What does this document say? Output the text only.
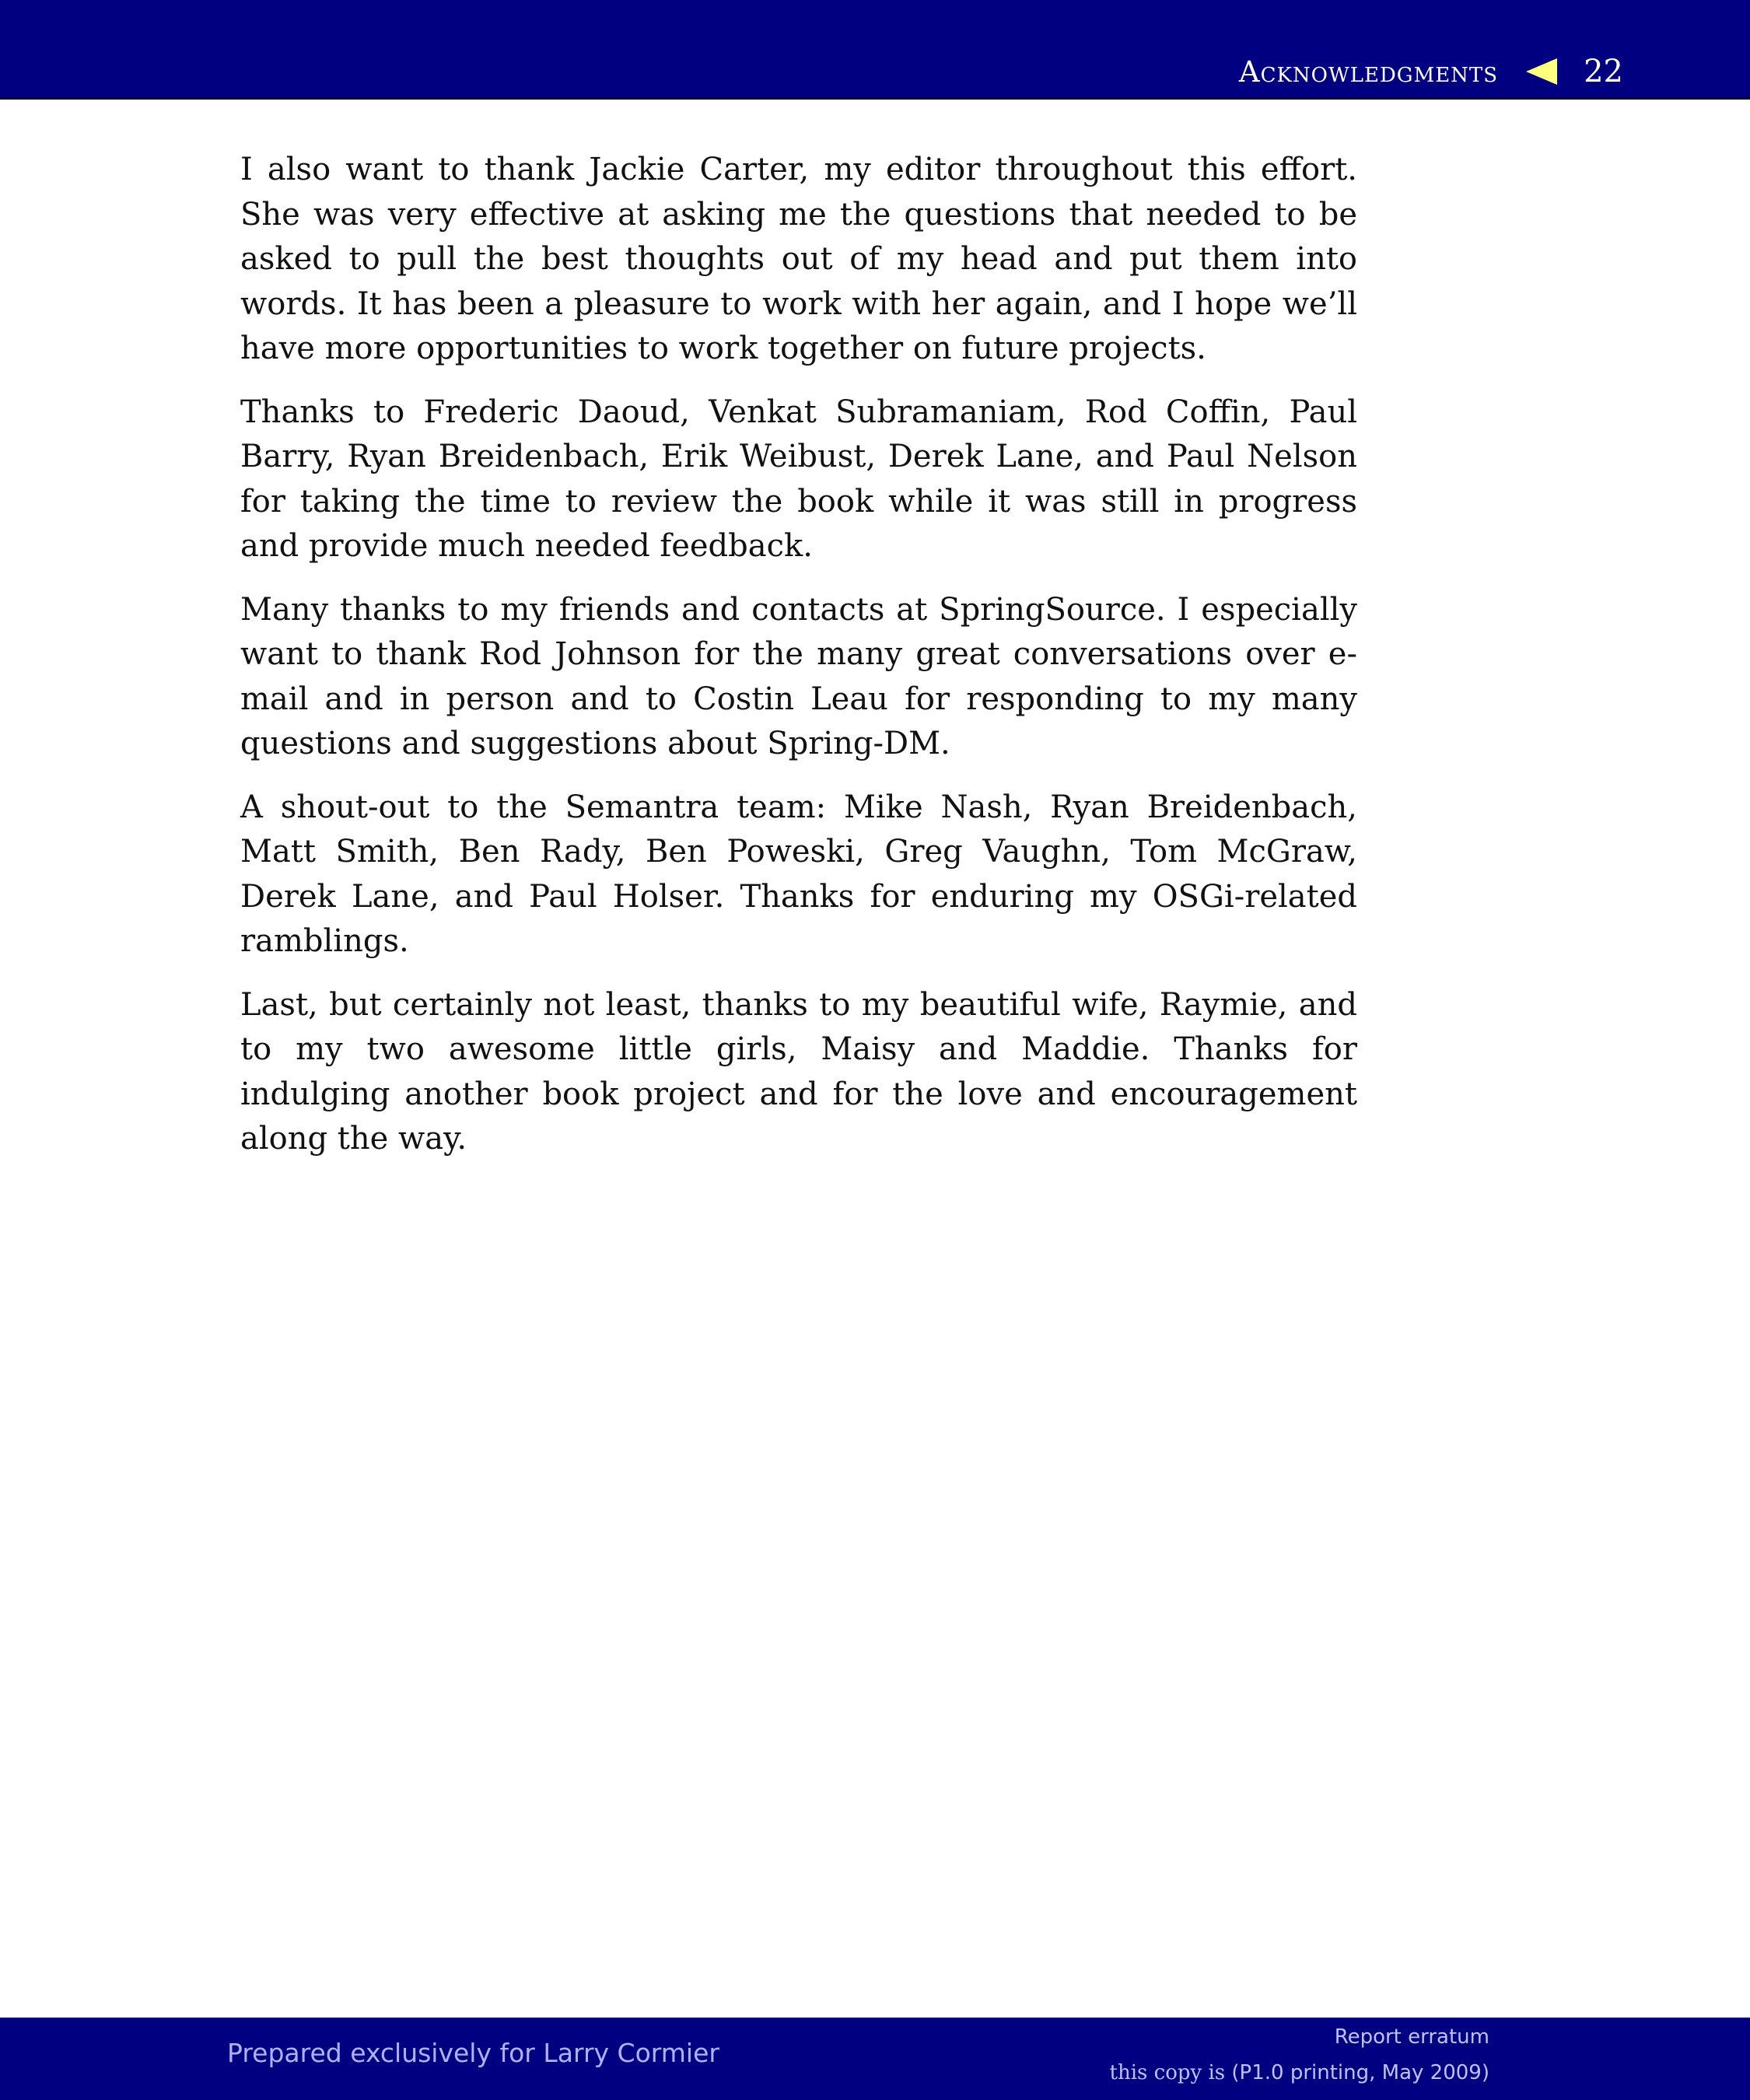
Acknowledgments	22

I also want to thank Jackie Carter, my editor throughout this effort. She was very effective at asking me the questions that needed to be asked to pull the best thoughts out of my head and put them into words. It has been a pleasure to work with her again, and I hope we’ll have more opportunities to work together on future projects.

Thanks to Frederic Daoud, Venkat Subramaniam, Rod Coffin, Paul Barry, Ryan Breidenbach, Erik Weibust, Derek Lane, and Paul Nelson for taking the time to review the book while it was still in progress and provide much needed feedback.

Many thanks to my friends and contacts at SpringSource. I especially want to thank Rod Johnson for the many great conversations over e-mail and in person and to Costin Leau for responding to my many questions and suggestions about Spring-DM.

A shout-out to the Semantra team: Mike Nash, Ryan Breidenbach, Matt Smith, Ben Rady, Ben Poweski, Greg Vaughn, Tom McGraw, Derek Lane, and Paul Holser. Thanks for enduring my OSGi-related ramblings.

Last, but certainly not least, thanks to my beautiful wife, Raymie, and to my two awesome little girls, Maisy and Maddie. Thanks for indulging another book project and for the love and encouragement along the way.

Prepared exclusively for Larry Cormier
Report erratum
this copy is (P1.0 printing, May 2009)
